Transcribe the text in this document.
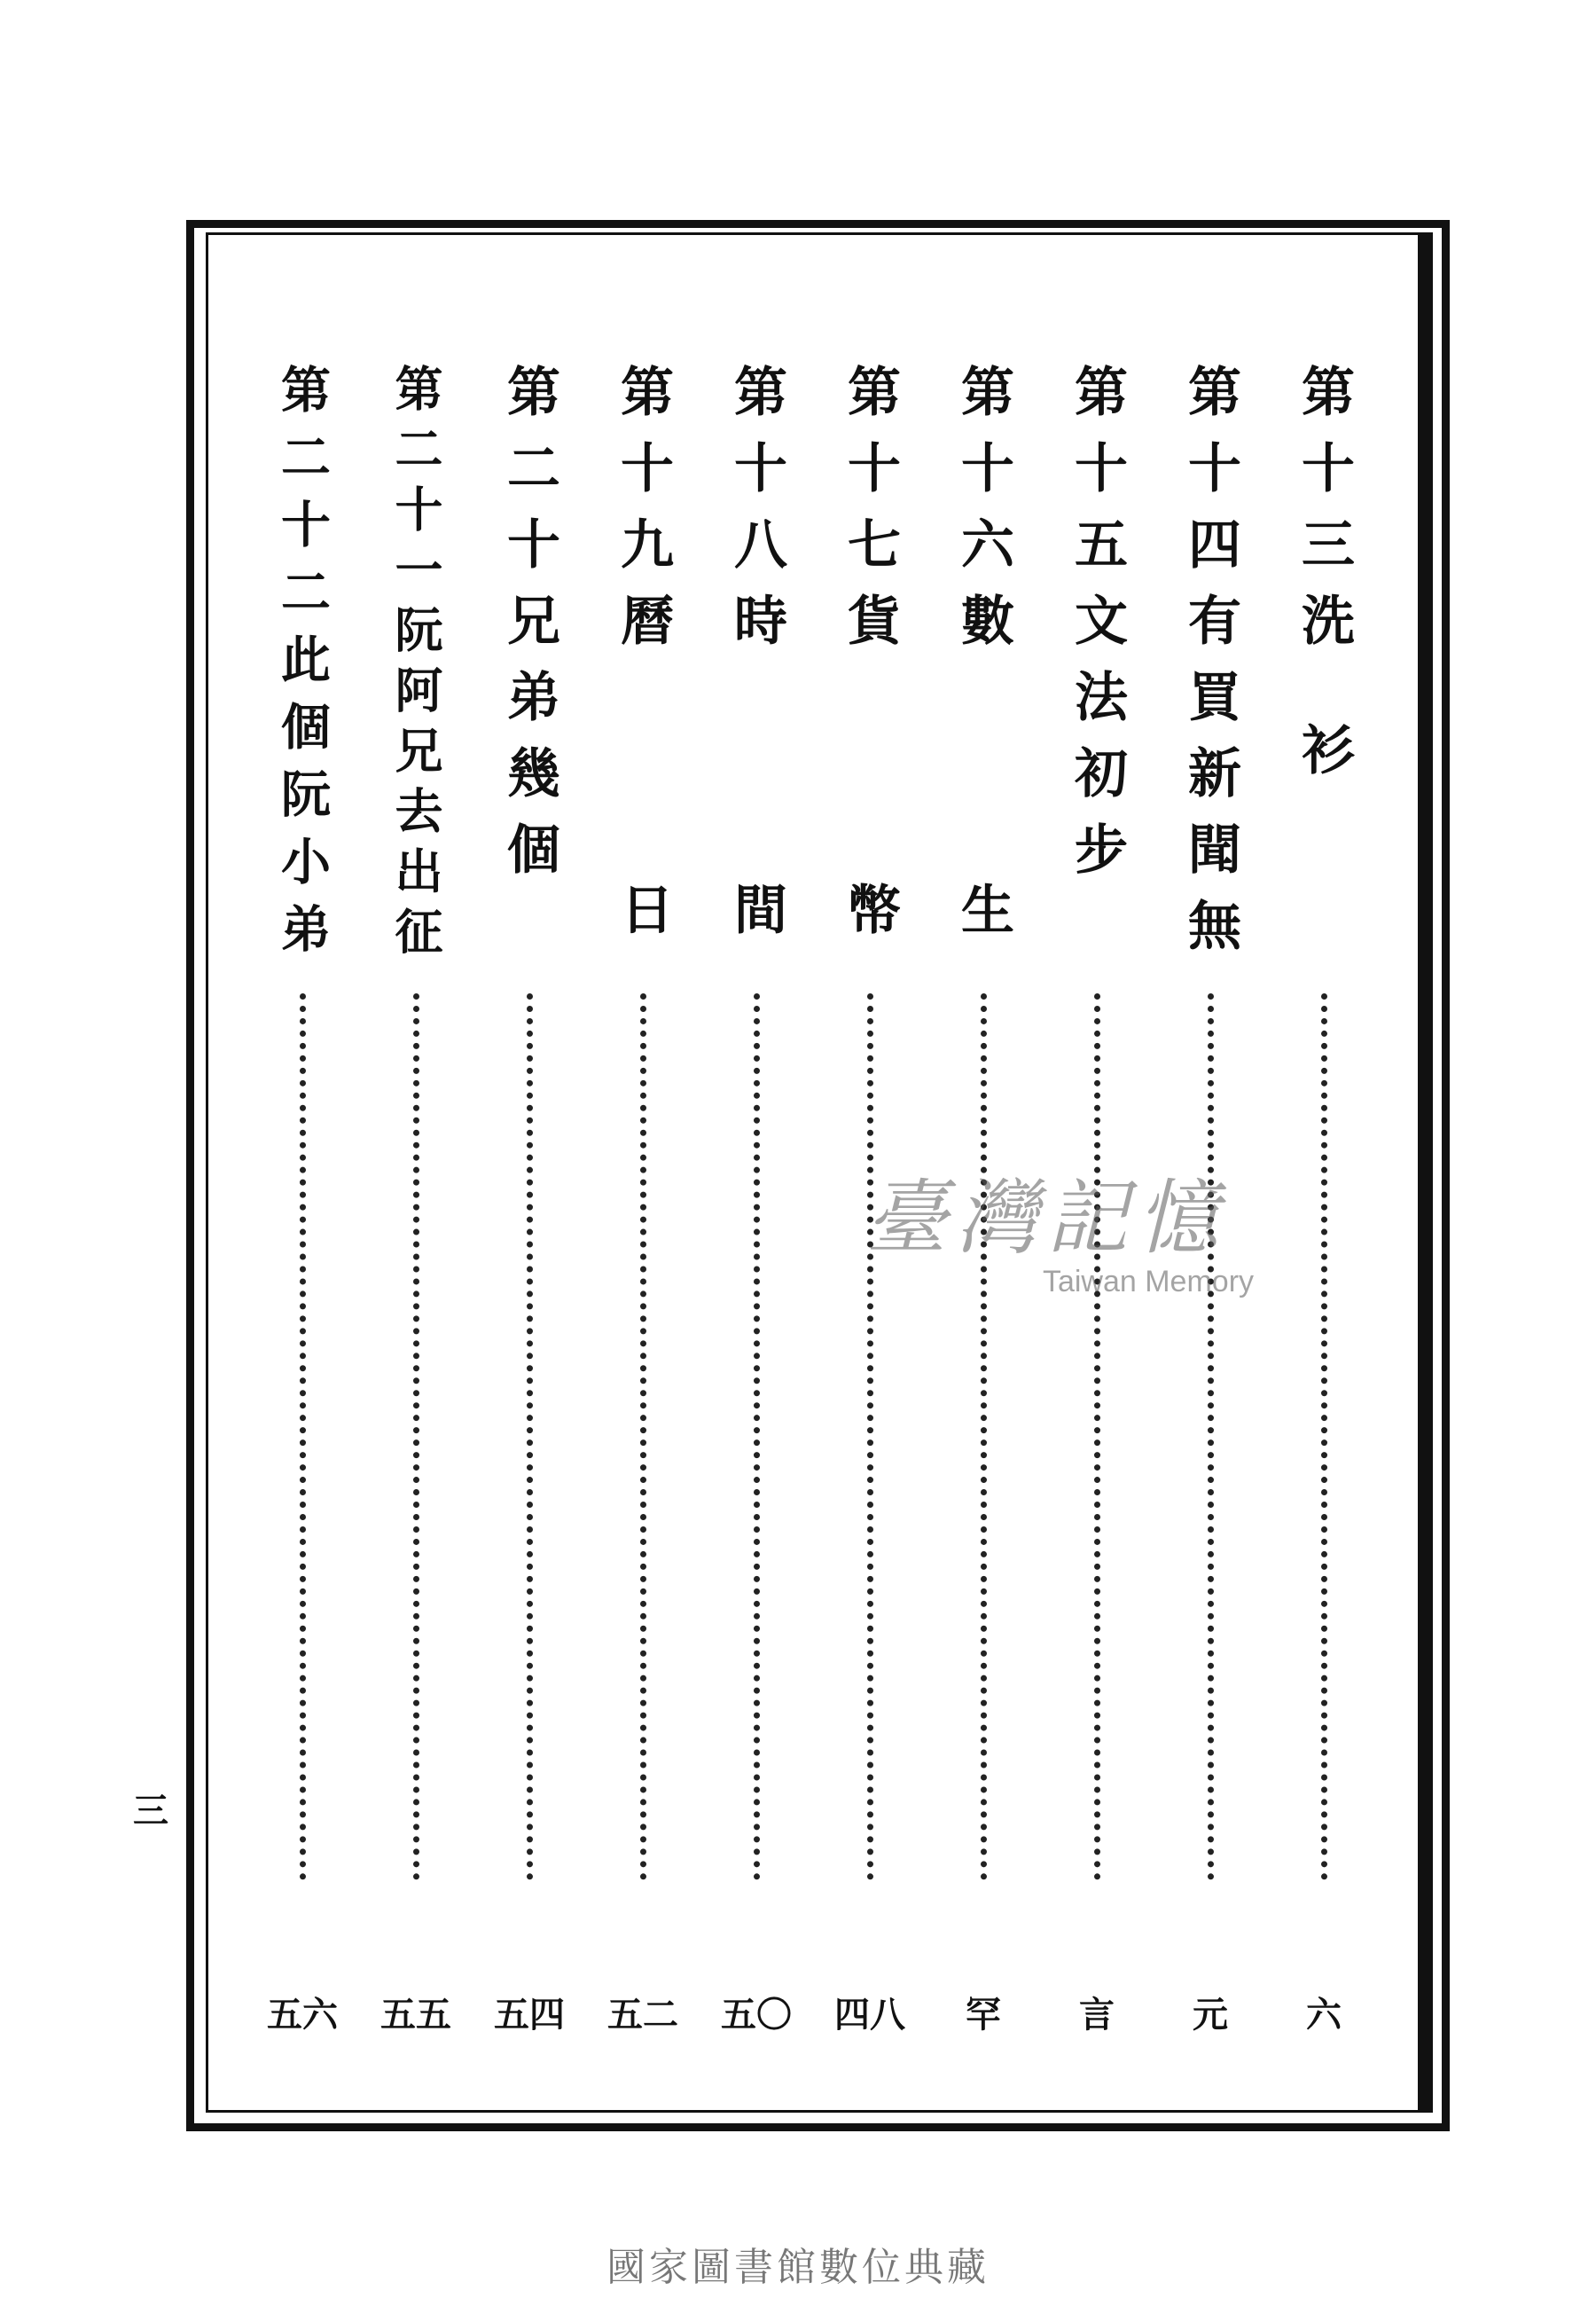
第十三洗衫
六
第十四有買新聞無
元
第十五文法初步
言
第十六數生
罕
第十七貨幣
四八
第十八時間
五〇
第十九曆日
五二
第二十兄弟幾個
五四
第二十一阮阿兄去出征
五五
第二十二此個阮小弟
五六
三
臺灣記憶
Taiwan Memory
國家圖書館數位典藏
